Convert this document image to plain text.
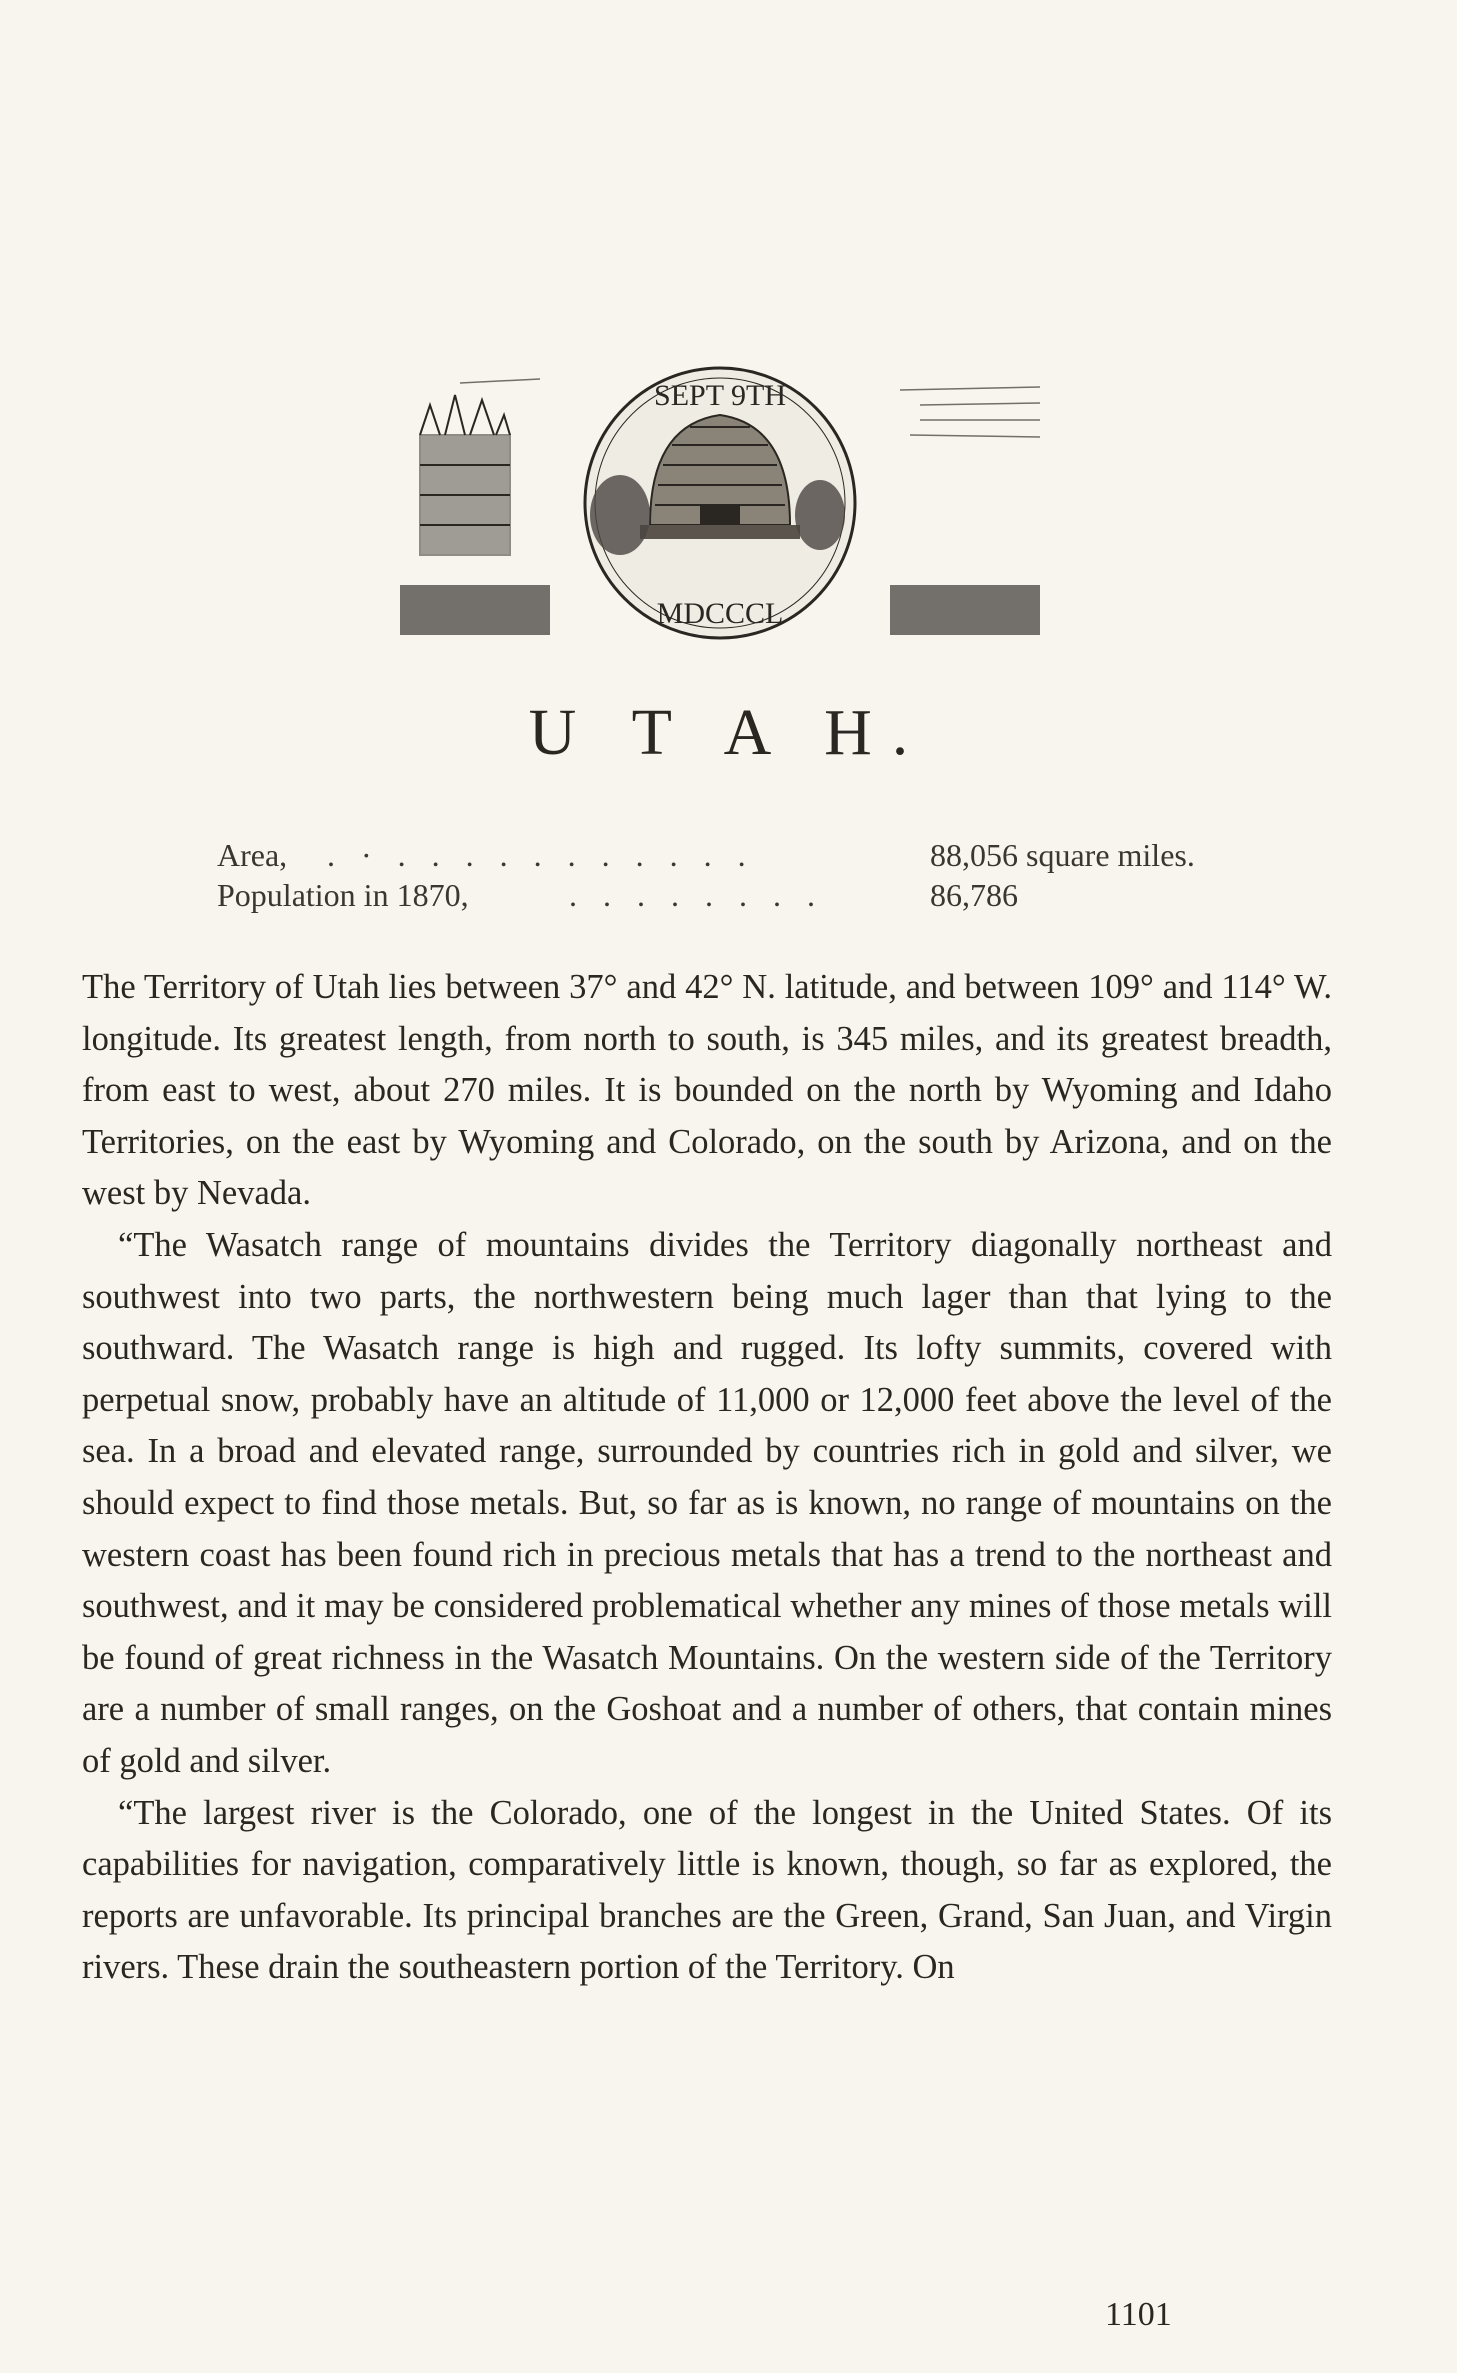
SEPT 9TH
MDCCCL
U T A H.
Area, . · . . . . . . . . . . .	88,056 square miles.
Population in 1870,	. . . . . . . .	86,786

The Territory of Utah lies between 37° and 42° N. latitude, and between 109° and 114° W. longitude. Its greatest length, from north to south, is 345 miles, and its greatest breadth, from east to west, about 270 miles. It is bounded on the north by Wyoming and Idaho Territories, on the east by Wyoming and Colorado, on the south by Arizona, and on the west by Nevada.

“The Wasatch range of mountains divides the Territory diagonally northeast and southwest into two parts, the northwestern being much lager than that lying to the southward. The Wasatch range is high and rugged. Its lofty summits, covered with perpetual snow, probably have an altitude of 11,000 or 12,000 feet above the level of the sea. In a broad and elevated range, surrounded by countries rich in gold and silver, we should expect to find those metals. But, so far as is known, no range of mountains on the western coast has been found rich in precious metals that has a trend to the northeast and southwest, and it may be considered problematical whether any mines of those metals will be found of great richness in the Wasatch Mountains. On the western side of the Territory are a number of small ranges, on the Goshoat and a number of others, that contain mines of gold and silver.

“The largest river is the Colorado, one of the longest in the United States. Of its capabilities for navigation, comparatively little is known, though, so far as explored, the reports are unfavorable. Its principal branches are the Green, Grand, San Juan, and Virgin rivers. These drain the southeastern portion of the Territory. On

1101
